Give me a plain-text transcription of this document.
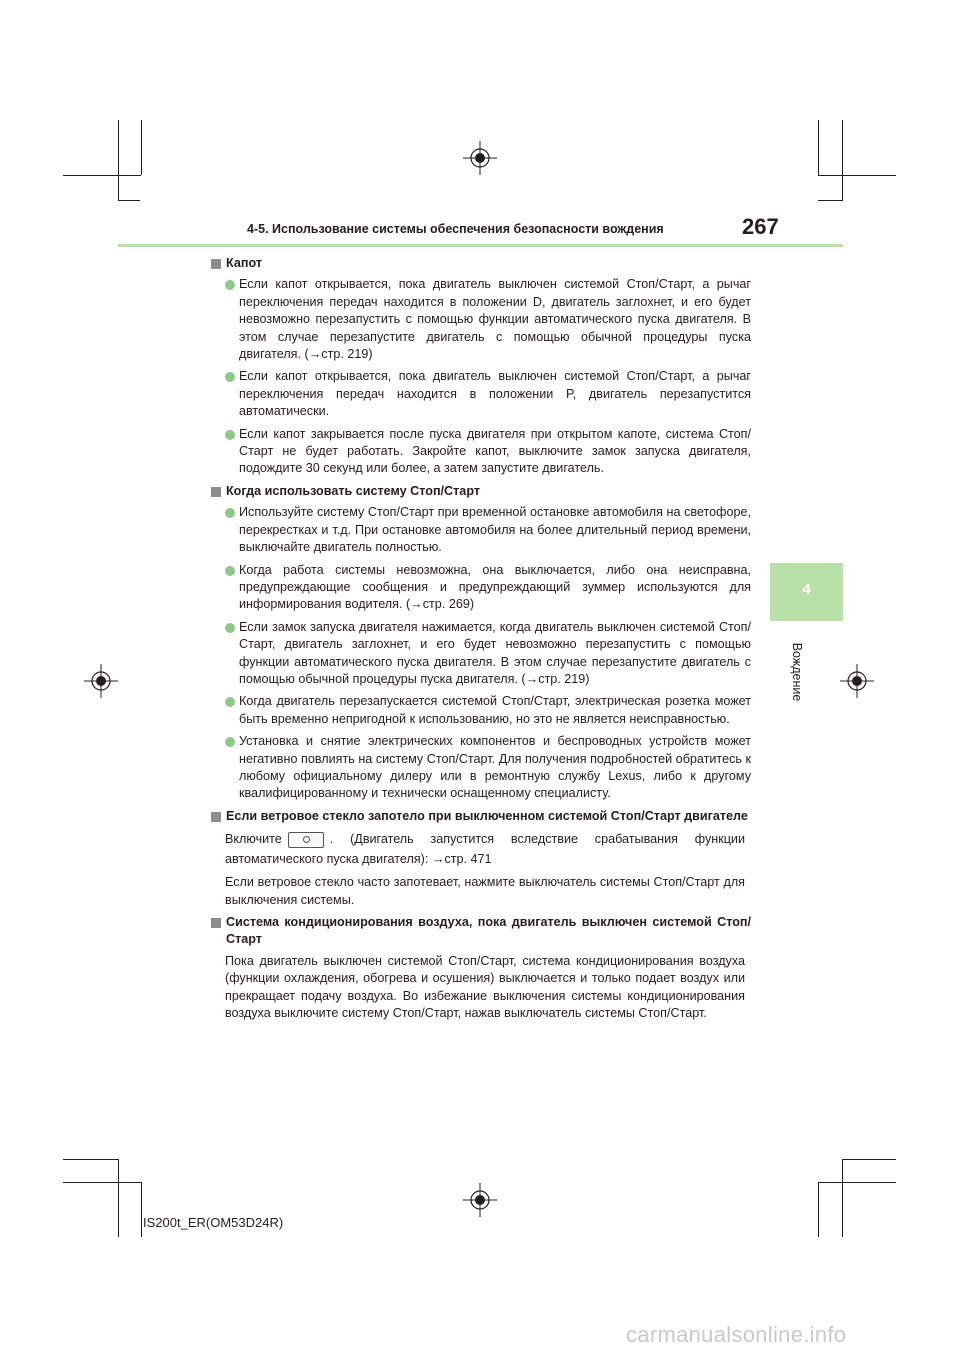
4-5. Использование системы обеспечения безопасности вождения	267
4
Вождение
Капот
Если капот открывается, пока двигатель выключен системой Стоп/Старт, а рычаг переключения передач находится в положении D, двигатель заглохнет, и его будет невозможно перезапустить с помощью функции автоматического пуска двигателя. В этом случае перезапустите двигатель с помощью обычной процедуры пуска двигателя. (→стр. 219)
Если капот открывается, пока двигатель выключен системой Стоп/Старт, а рычаг переключения передач находится в положении P, двигатель перезапустится автоматически.
Если капот закрывается после пуска двигателя при открытом капоте, система Стоп/Старт не будет работать. Закройте капот, выключите замок запуска двигателя, подождите 30 секунд или более, а затем запустите двигатель.
Когда использовать систему Стоп/Старт
Используйте систему Стоп/Старт при временной остановке автомобиля на светофоре, перекрестках и т.д. При остановке автомобиля на более длительный период времени, выключайте двигатель полностью.
Когда работа системы невозможна, она выключается, либо она неисправна, предупреждающие сообщения и предупреждающий зуммер используются для информирования водителя. (→стр. 269)
Если замок запуска двигателя нажимается, когда двигатель выключен системой Стоп/Старт, двигатель заглохнет, и его будет невозможно перезапустить с помощью функции автоматического пуска двигателя. В этом случае перезапустите двигатель с помощью обычной процедуры пуска двигателя. (→стр. 219)
Когда двигатель перезапускается системой Стоп/Старт, электрическая розетка может быть временно непригодной к использованию, но это не является неисправностью.
Установка и снятие электрических компонентов и беспроводных устройств может негативно повлиять на систему Стоп/Старт. Для получения подробностей обратитесь к любому официальному дилеру или в ремонтную службу Lexus, либо к другому квалифицированному и технически оснащенному специалисту.
Если ветровое стекло запотело при выключенном системой Стоп/Старт двигателе
Включите	. (Двигатель запустится вследствие срабатывания функции автоматического пуска двигателя): →стр. 471
Если ветровое стекло часто запотевает, нажмите выключатель системы Стоп/Старт для выключения системы.
Система кондиционирования воздуха, пока двигатель выключен системой Стоп/Старт
Пока двигатель выключен системой Стоп/Старт, система кондиционирования воздуха (функции охлаждения, обогрева и осушения) выключается и только подает воздух или прекращает подачу воздуха. Во избежание выключения системы кондиционирования воздуха выключите систему Стоп/Старт, нажав выключатель системы Стоп/Старт.
IS200t_ER(OM53D24R)
carmanualsonline.info
